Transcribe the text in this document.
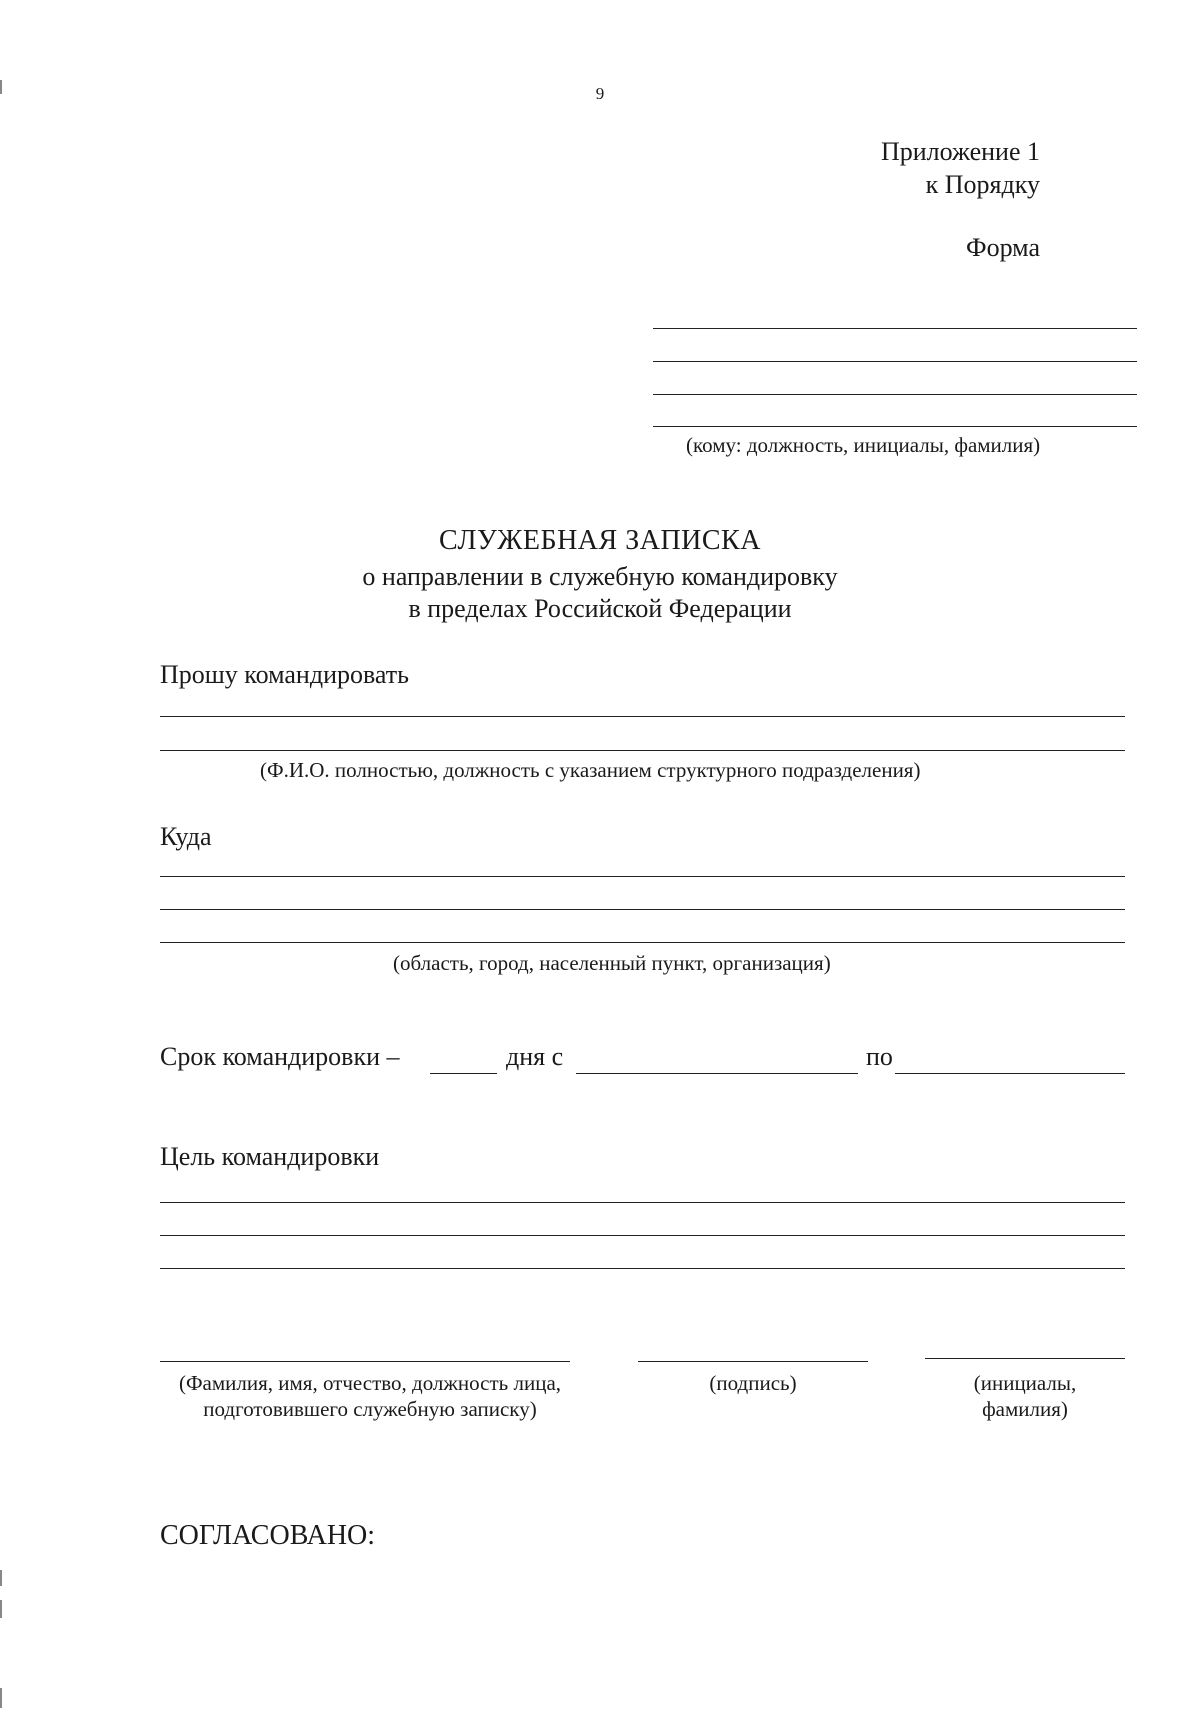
9
Приложение 1
к Порядку
Форма
(кому: должность, инициалы, фамилия)
СЛУЖЕБНАЯ ЗАПИСКА
о направлении в служебную командировку
в пределах Российской Федерации
Прошу командировать
(Ф.И.О. полностью, должность с указанием структурного подразделения)
Куда
(область, город, населенный пункт, организация)
Срок командировки –	дня с	по
Цель командировки
(Фамилия, имя, отчество, должность лица, подготовившего служебную записку)
(подпись)	(инициалы, фамилия)
СОГЛАСОВАНО:
